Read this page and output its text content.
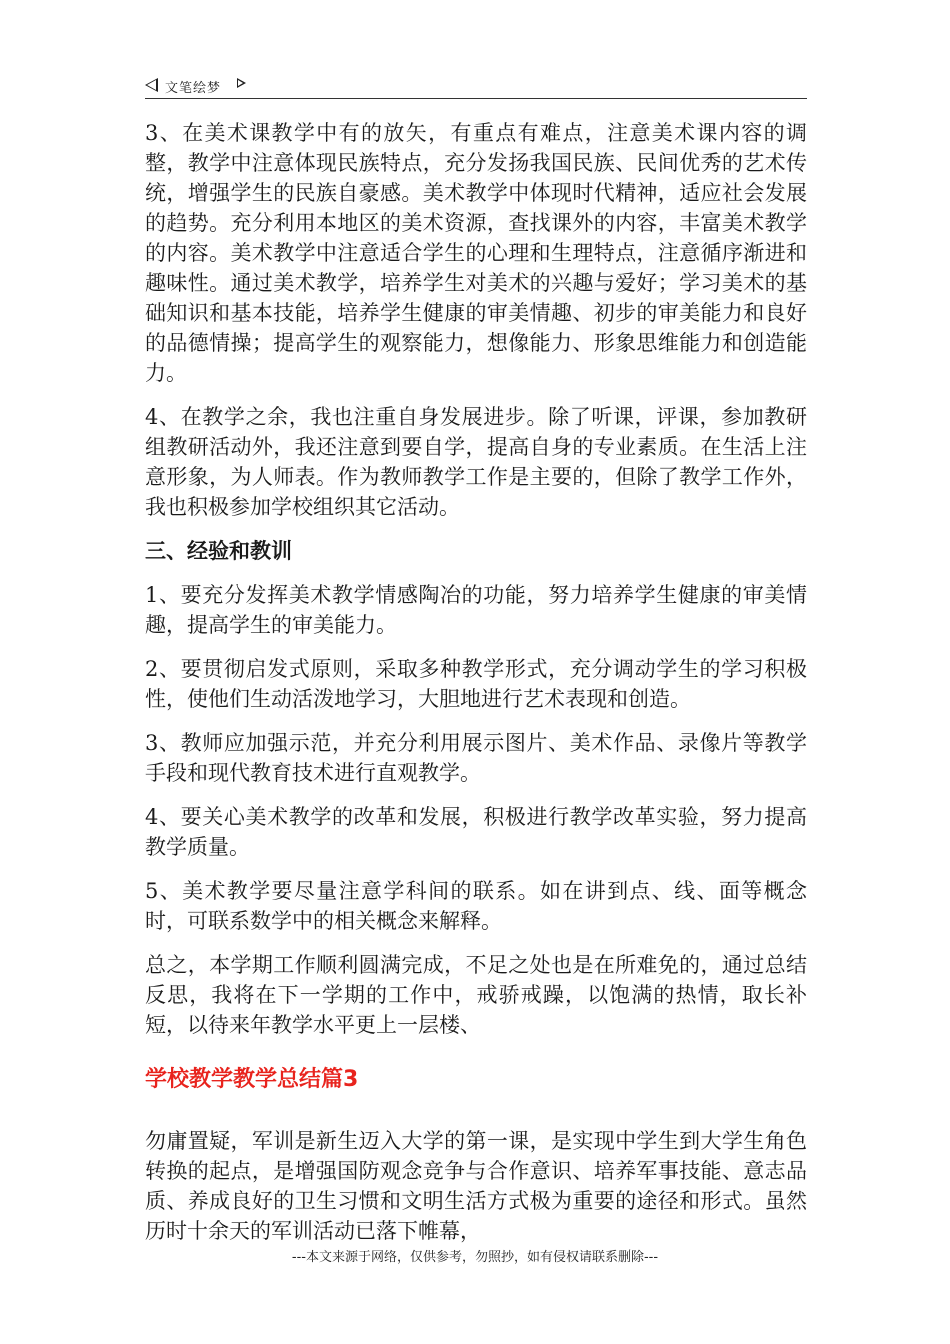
文笔绘梦

3、在美术课教学中有的放矢，有重点有难点，注意美术课内容的调整，教学中注意体现民族特点，充分发扬我国民族、民间优秀的艺术传统，增强学生的民族自豪感。美术教学中体现时代精神，适应社会发展的趋势。充分利用本地区的美术资源，查找课外的内容，丰富美术教学的内容。美术教学中注意适合学生的心理和生理特点，注意循序渐进和趣味性。通过美术教学，培养学生对美术的兴趣与爱好；学习美术的基础知识和基本技能，培养学生健康的审美情趣、初步的审美能力和良好的品德情操；提高学生的观察能力，想像能力、形象思维能力和创造能力。

4、在教学之余，我也注重自身发展进步。除了听课，评课，参加教研组教研活动外，我还注意到要自学，提高自身的专业素质。在生活上注意形象，为人师表。作为教师教学工作是主要的，但除了教学工作外，我也积极参加学校组织其它活动。

三、经验和教训

1、要充分发挥美术教学情感陶冶的功能，努力培养学生健康的审美情趣，提高学生的审美能力。

2、要贯彻启发式原则，采取多种教学形式，充分调动学生的学习积极性，使他们生动活泼地学习，大胆地进行艺术表现和创造。

3、教师应加强示范，并充分利用展示图片、美术作品、录像片等教学手段和现代教育技术进行直观教学。

4、要关心美术教学的改革和发展，积极进行教学改革实验，努力提高教学质量。

5、美术教学要尽量注意学科间的联系。如在讲到点、线、面等概念时，可联系数学中的相关概念来解释。

总之，本学期工作顺利圆满完成，不足之处也是在所难免的，通过总结反思，我将在下一学期的工作中，戒骄戒躁，以饱满的热情，取长补短，以待来年教学水平更上一层楼、

学校教学教学总结篇3

勿庸置疑，军训是新生迈入大学的第一课，是实现中学生到大学生角色转换的起点，是增强国防观念竞争与合作意识、培养军事技能、意志品质、养成良好的卫生习惯和文明生活方式极为重要的途径和形式。虽然历时十余天的军训活动已落下帷幕，

---本文来源于网络，仅供参考，勿照抄，如有侵权请联系删除---
